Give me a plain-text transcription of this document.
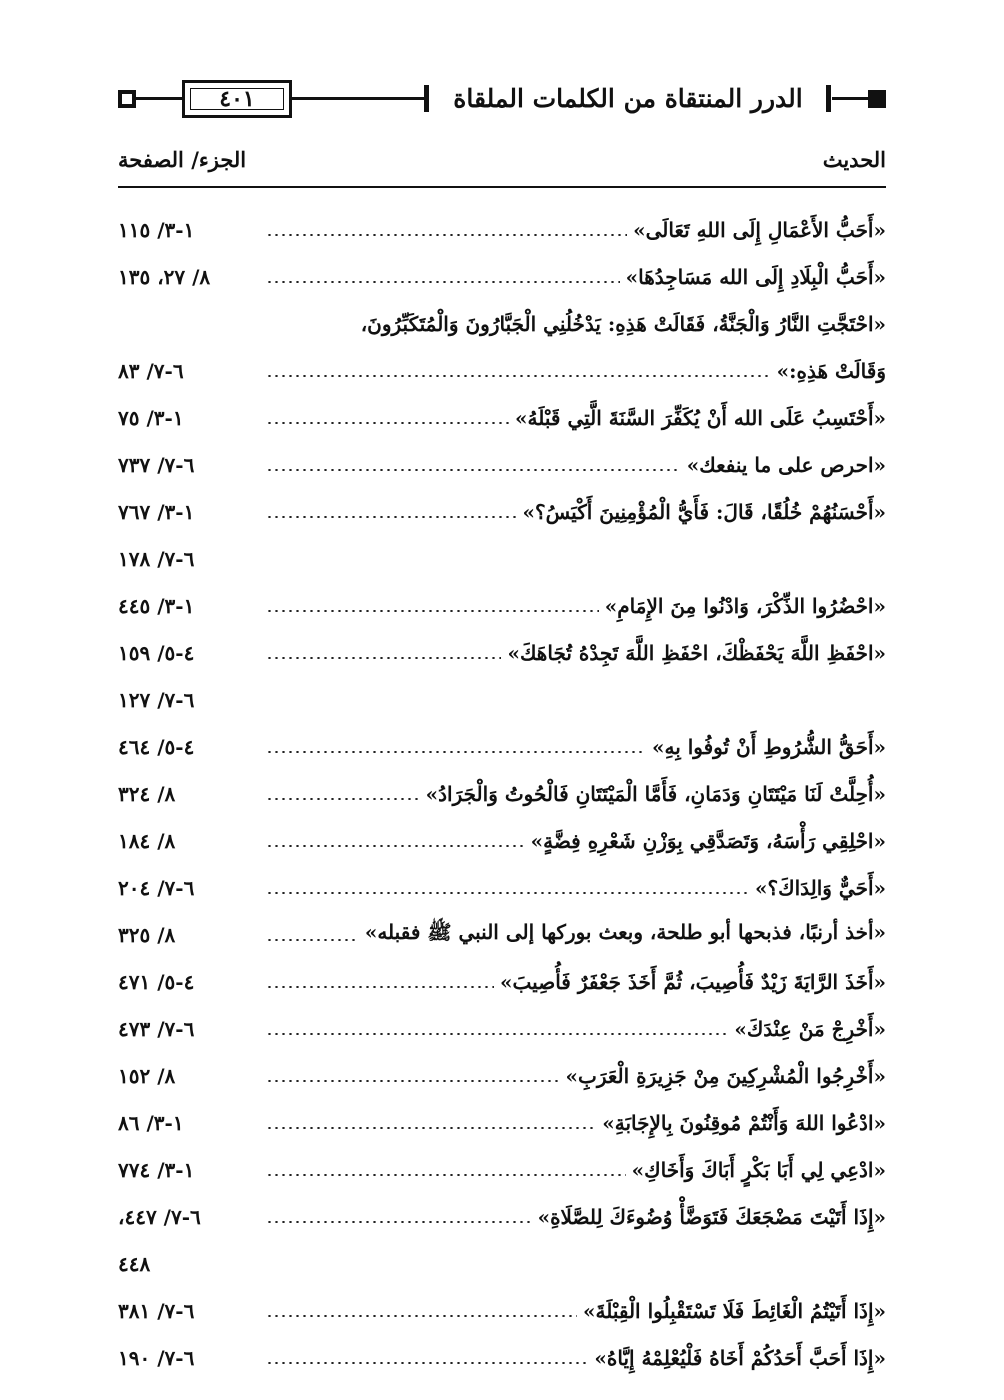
٤٠١	الدرر المنتقاة من الكلمات الملقاة
الحديث
الجزء/ الصفحة
«أَحَبُّ الأَعْمَالِ إِلَى اللهِ تَعَالَى»
١-٣/ ١١٥
«أَحَبُّ الْبِلَادِ إِلَى الله مَسَاجِدُهَا»
٨/ ٢٧، ١٣٥
«احْتَجَّتِ النَّارُ وَالْجَنَّةُ، فَقَالَتْ هَذِهِ: يَدْخُلُنِي الْجَبَّارُونَ وَالْمُتَكَبِّرُونَ،
وَقَالَتْ هَذِهِ:»
٦-٧/ ٨٣
«أَحْتَسِبُ عَلَى الله أَنْ يُكَفِّرَ السَّنَةَ الَّتِي قَبْلَهُ»
١-٣/ ٧٥
«احرص على ما ينفعك»
٦-٧/ ٧٣٧
«أَحْسَنُهُمْ خُلُقًا، قَالَ: فَأَيُّ الْمُؤْمِنِينَ أَكْيَسُ؟»
١-٣/ ٧٦٧
٦-٧/ ١٧٨
«احْضُرُوا الذِّكْرَ، وَادْنُوا مِنَ الإِمَامِ»
١-٣/ ٤٤٥
«احْفَظِ اللَّهَ يَحْفَظْكَ، احْفَظِ اللَّهَ تَجِدْهُ تُجَاهَكَ»
٤-٥/ ١٥٩
٦-٧/ ١٢٧
«أَحَقُّ الشُّرُوطِ أَنْ تُوفُوا بِهِ»
٤-٥/ ٤٦٤
«أُحِلَّتْ لَنَا مَيْتَتَانِ وَدَمَانِ، فَأَمَّا الْمَيْتَتَانِ فَالْحُوتُ وَالْجَرَادُ»
٨/ ٣٢٤
«احْلِقِي رَأْسَهُ، وَتَصَدَّقِي بِوَزْنِ شَعْرِهِ فِضَّةٍ»
٨/ ١٨٤
«أَحَيٌّ وَالِدَاكَ؟»
٦-٧/ ٢٠٤
«أخذ أرنبًا، فذبحها أبو طلحة، وبعث بوركها إلى النبي ﷺ فقبله»
٨/ ٣٢٥
«أَخَذَ الرَّايَةَ زَيْدٌ فَأُصِيبَ، ثُمَّ أَخَذَ جَعْفَرٌ فَأُصِيبَ»
٤-٥/ ٤٧١
«أَخْرِجْ مَنْ عِنْدَكَ»
٦-٧/ ٤٧٣
«أَخْرِجُوا الْمُشْرِكِينَ مِنْ جَزِيرَةِ الْعَرَبِ»
٨/ ١٥٢
«ادْعُوا اللهَ وَأَنْتُمْ مُوقِنُونَ بِالإِجَابَةِ»
١-٣/ ٨٦
«ادْعِي لِي أَبَا بَكْرٍ أَبَاكَ وَأَخَاكِ»
١-٣/ ٧٧٤
«إِذَا أَتَيْتَ مَضْجَعَكَ فَتَوَضَّأْ وُضُوءَكَ لِلصَّلَاةِ»
٦-٧/ ٤٤٧،
٤٤٨
«إِذَا أَتَيْتُمُ الْغَائِطَ فَلَا تَسْتَقْبِلُوا الْقِبْلَةَ»
٦-٧/ ٣٨١
«إِذَا أَحَبَّ أَحَدُكُمْ أَخَاهُ فَلْيُعْلِمْهُ إِيَّاهُ»
٦-٧/ ١٩٠
